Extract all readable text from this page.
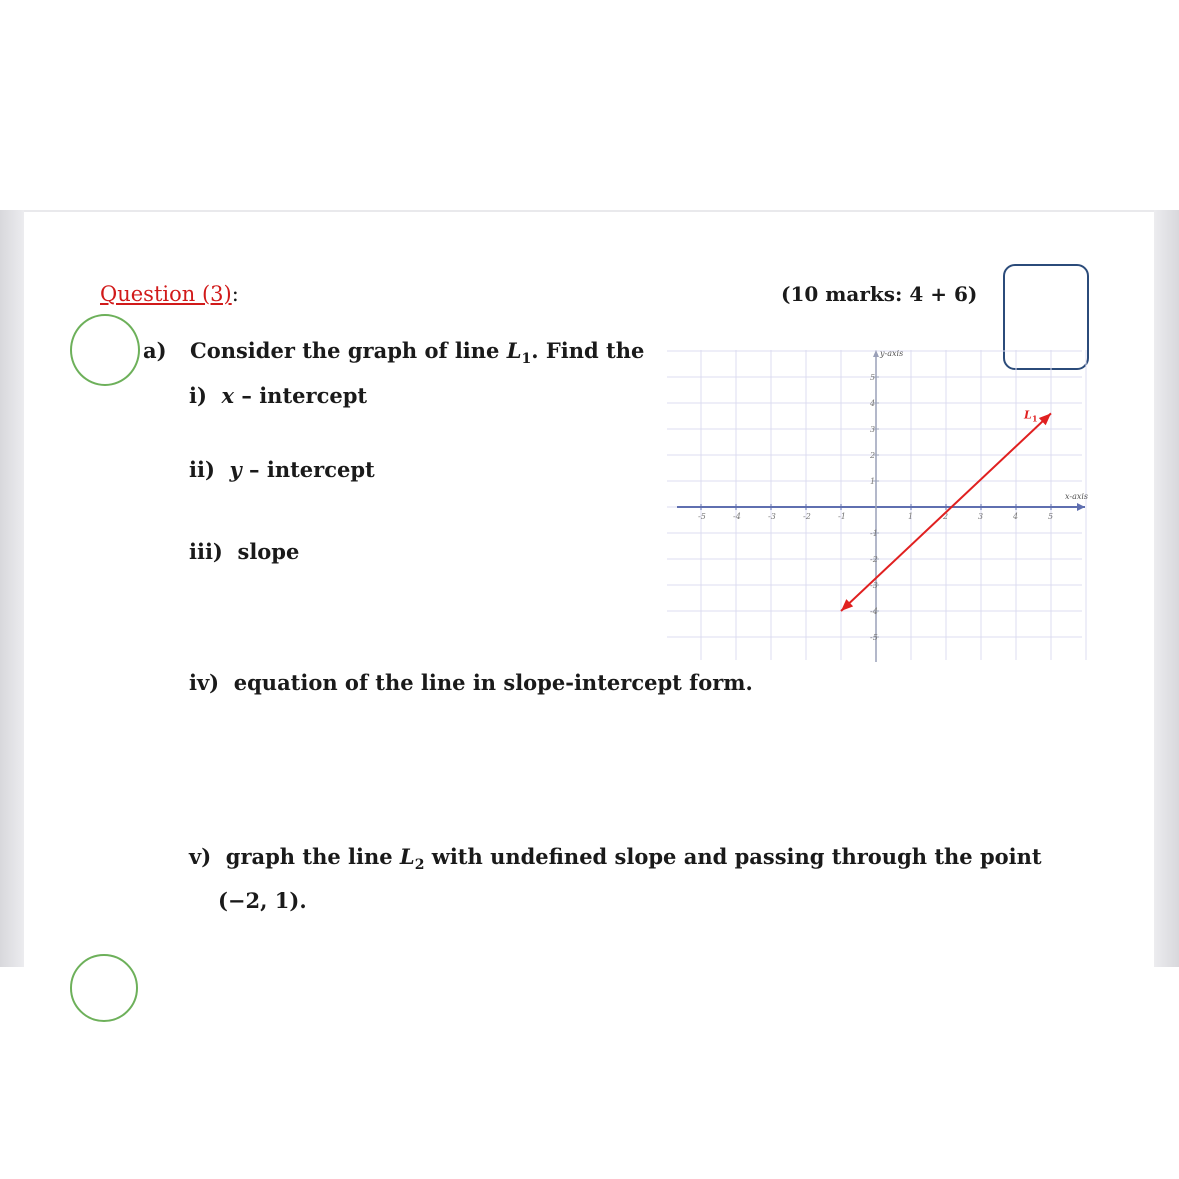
Question (3):	(10 marks: 4 + 6)
a) Consider the graph of line $L_1$. Find the
i) x – intercept
ii) y – intercept
iii) slope
iv) equation of the line in slope-intercept form.
v) graph the line $L_2$ with undefined slope and passing through the point
(−2, 1).
x-axis
y-axis
-5	-4	-3	-2	-1	1	2	3	4	5
5
4
3
2
1
-1
-2
-3
-4
-5
L 1
